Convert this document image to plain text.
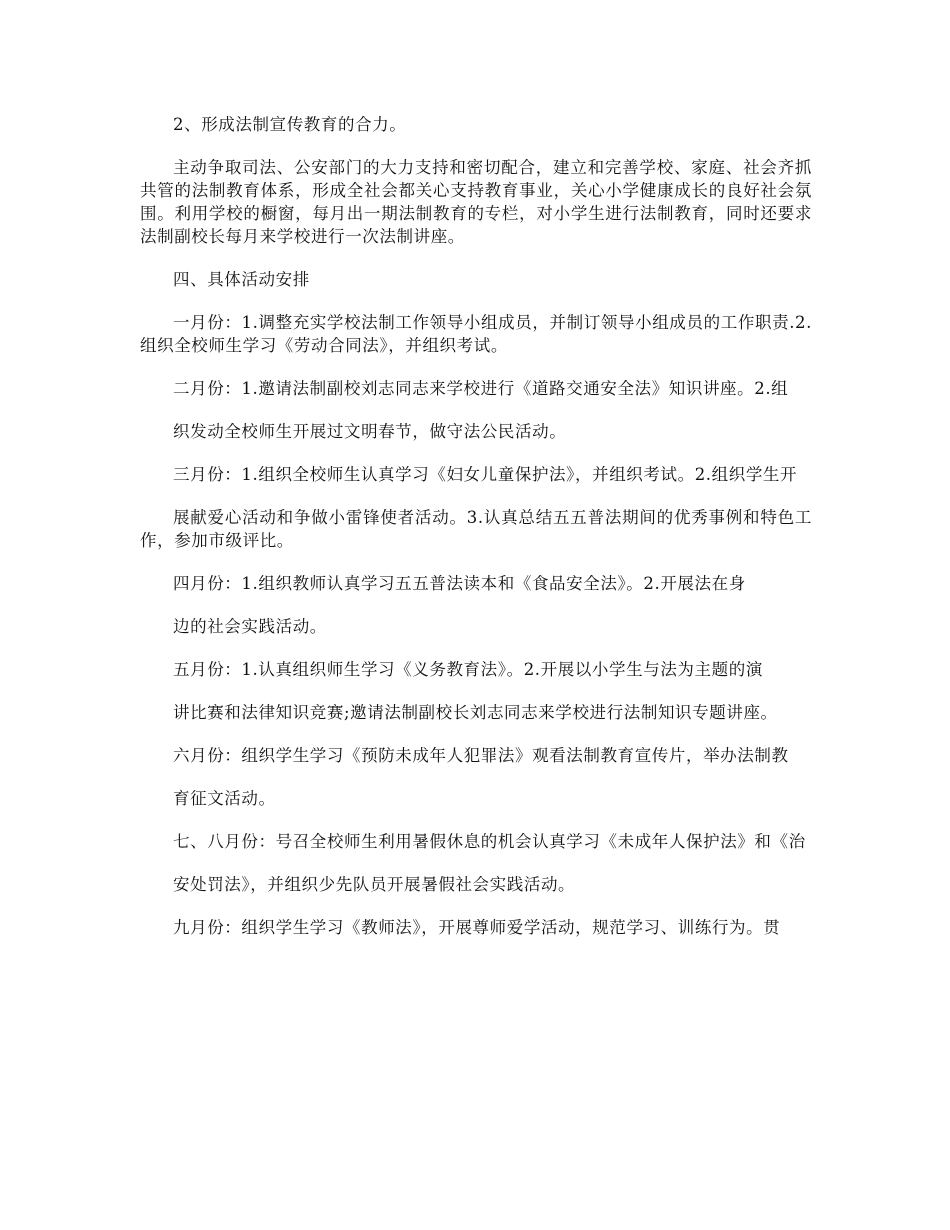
2、形成法制宣传教育的合力。

主动争取司法、公安部门的大力支持和密切配合，建立和完善学校、家庭、社会齐抓共管的法制教育体系，形成全社会都关心支持教育事业，关心小学健康成长的良好社会氛围。利用学校的橱窗，每月出一期法制教育的专栏，对小学生进行法制教育，同时还要求法制副校长每月来学校进行一次法制讲座。

四、具体活动安排

一月份：1.调整充实学校法制工作领导小组成员，并制订领导小组成员的工作职责.2.组织全校师生学习《劳动合同法》，并组织考试。

二月份：1.邀请法制副校刘志同志来学校进行《道路交通安全法》知识讲座。2.组

织发动全校师生开展过文明春节，做守法公民活动。

三月份：1.组织全校师生认真学习《妇女儿童保护法》，并组织考试。2.组织学生开

展献爱心活动和争做小雷锋使者活动。3.认真总结五五普法期间的优秀事例和特色工作，参加市级评比。

四月份：1.组织教师认真学习五五普法读本和《食品安全法》。2.开展法在身

边的社会实践活动。

五月份：1.认真组织师生学习《义务教育法》。2.开展以小学生与法为主题的演

讲比赛和法律知识竞赛;邀请法制副校长刘志同志来学校进行法制知识专题讲座。

六月份：组织学生学习《预防未成年人犯罪法》观看法制教育宣传片，举办法制教

育征文活动。

七、八月份：号召全校师生利用暑假休息的机会认真学习《未成年人保护法》和《治

安处罚法》，并组织少先队员开展暑假社会实践活动。

九月份：组织学生学习《教师法》，开展尊师爱学活动，规范学习、训练行为。贯
